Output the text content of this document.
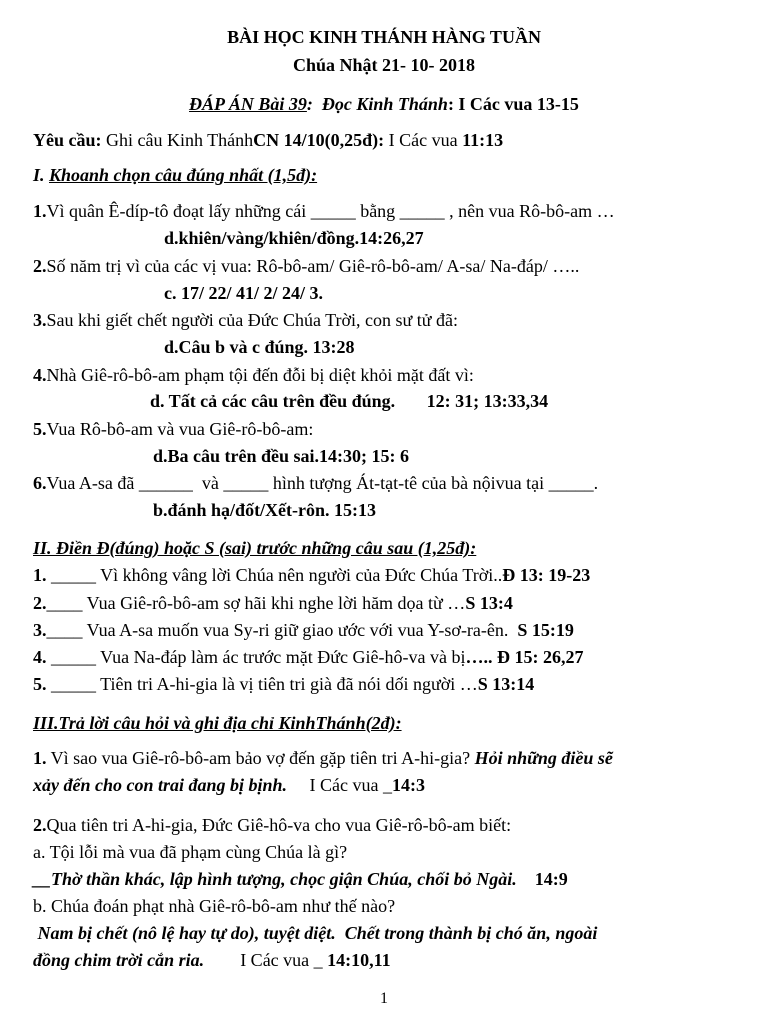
BÀI HỌC KINH THÁNH HÀNG TUẦN
Chúa Nhật 21- 10- 2018
ĐÁP ÁN Bài 39: Đọc Kinh Thánh: I Các vua 13-15
Yêu cầu: Ghi câu Kinh ThánhCN 14/10(0,25đ): I Các vua 11:13
I. Khoanh chọn câu đúng nhất (1,5đ):
1.Vì quân Ê-díp-tô đoạt lấy những cái _____ bằng _____ , nên vua Rô-bô-am …
d.khiên/vàng/khiên/đồng.14:26,27
2.Số năm trị vì của các vị vua: Rô-bô-am/ Giê-rô-bô-am/ A-sa/ Na-đáp/ …..
c. 17/ 22/ 41/ 2/ 24/ 3.
3.Sau khi giết chết người của Đức Chúa Trời, con sư tử đã:
d.Câu b và c đúng. 13:28
4.Nhà Giê-rô-bô-am phạm tội đến đỗi bị diệt khỏi mặt đất vì:
d. Tất cả các câu trên đều đúng.       12: 31; 13:33,34
5.Vua Rô-bô-am và vua Giê-rô-bô-am:
d.Ba câu trên đều sai.14:30; 15: 6
6.Vua A-sa đã ______  và _____ hình tượng Át-tạt-tê của bà nộivua tại _____.
b.đánh hạ/đốt/Xết-rôn. 15:13
II. Điền Đ(đúng) hoặc S (sai) trước những câu sau (1,25đ):
1. _____ Vì không vâng lời Chúa nên người của Đức Chúa Trời..Đ 13: 19-23
2.____ Vua Giê-rô-bô-am sợ hãi khi nghe lời hăm dọa từ …S 13:4
3.____ Vua A-sa muốn vua Sy-ri giữ giao ước với vua Y-sơ-ra-ên.  S 15:19
4. _____ Vua Na-đáp làm ác trước mặt Đức Giê-hô-va và bị….. Đ 15: 26,27
5. _____ Tiên tri A-hi-gia là vị tiên tri già đã nói dối người …S 13:14
III.Trả lời câu hỏi và ghi địa chỉ KinhThánh(2đ):
1. Vì sao vua Giê-rô-bô-am bảo vợ đến gặp tiên tri A-hi-gia? Hỏi những điều sẽ
xảy đến cho con trai đang bị bịnh.     I Các vua _14:3
2.Qua tiên tri A-hi-gia, Đức Giê-hô-va cho vua Giê-rô-bô-am biết:
a. Tội lỗi mà vua đã phạm cùng Chúa là gì?
__Thờ thần khác, lập hình tượng, chọc giận Chúa, chối bỏ Ngài.    14:9
b. Chúa đoán phạt nhà Giê-rô-bô-am như thế nào?
Nam bị chết (nô lệ hay tự do), tuyệt diệt.  Chết trong thành bị chó ăn, ngoài
đồng chim trời cắn ria.        I Các vua _ 14:10,11
1
